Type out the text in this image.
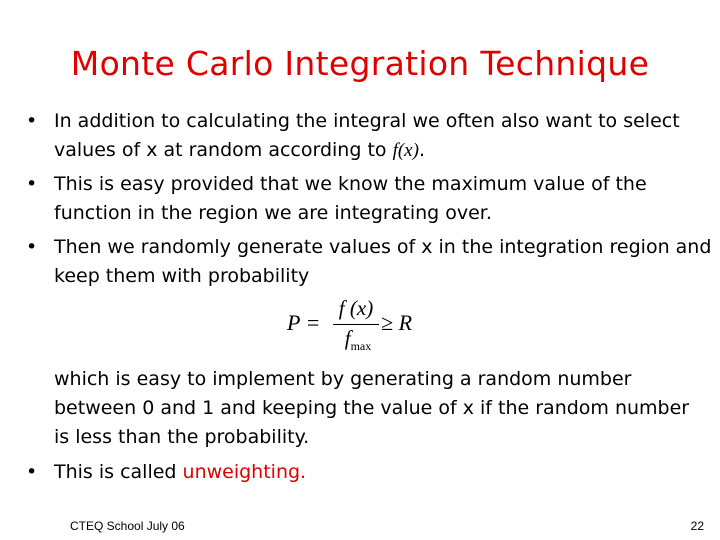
Monte Carlo Integration Technique
• In addition to calculating the integral we often also want to select values of x at random according to f(x).
• This is easy provided that we know the maximum value of the function in the region we are integrating over.
• Then we randomly generate values of x in the integration region and keep them with probability
P =
f (x)
$f_{max}$
≥ R
which is easy to implement by generating a random number between 0 and 1 and keeping the value of x if the random number is less than the probability.
• This is called unweighting.
CTEQ School July 06	22
